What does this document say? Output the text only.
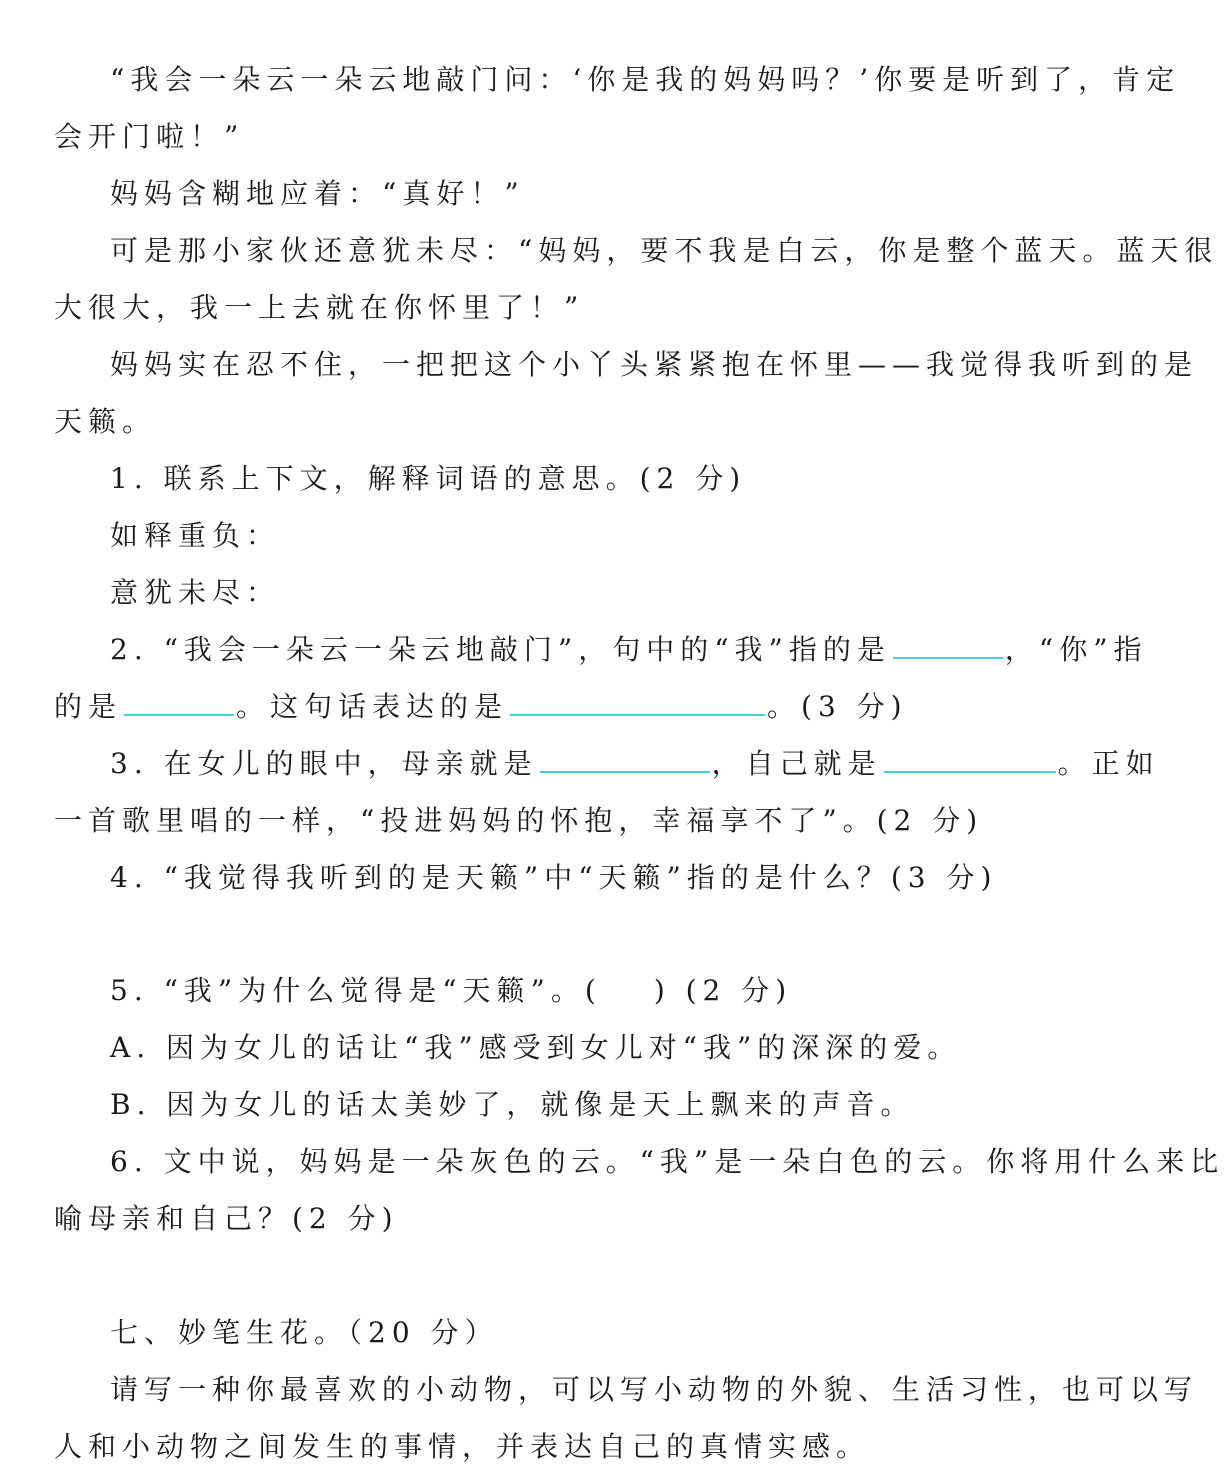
“我会一朵云一朵云地敲门问：‘你是我的妈妈吗？’你要是听到了，肯定
会开门啦！”
妈妈含糊地应着：“真好！”
可是那小家伙还意犹未尽：“妈妈，要不我是白云，你是整个蓝天。蓝天很
大很大，我一上去就在你怀里了！”
妈妈实在忍不住，一把把这个小丫头紧紧抱在怀里——我觉得我听到的是
天籁。
1. 联系上下文，解释词语的意思。(2 分)
如释重负：
意犹未尽：
2. “我会一朵云一朵云地敲门”，句中的“我”指的是	，“你”指
的是	。这句话表达的是	。(3 分)
3. 在女儿的眼中，母亲就是	，自己就是	。正如
一首歌里唱的一样，“投进妈妈的怀抱，幸福享不了”。(2 分)
4. “我觉得我听到的是天籁”中“天籁”指的是什么？(3 分)
5. “我”为什么觉得是“天籁”。( ) (2 分)
A. 因为女儿的话让“我”感受到女儿对“我”的深深的爱。
B. 因为女儿的话太美妙了，就像是天上飘来的声音。
6. 文中说，妈妈是一朵灰色的云。“我”是一朵白色的云。你将用什么来比
喻母亲和自己？(2 分)
七、妙笔生花。（20 分）
请写一种你最喜欢的小动物，可以写小动物的外貌、生活习性，也可以写
人和小动物之间发生的事情，并表达自己的真情实感。
